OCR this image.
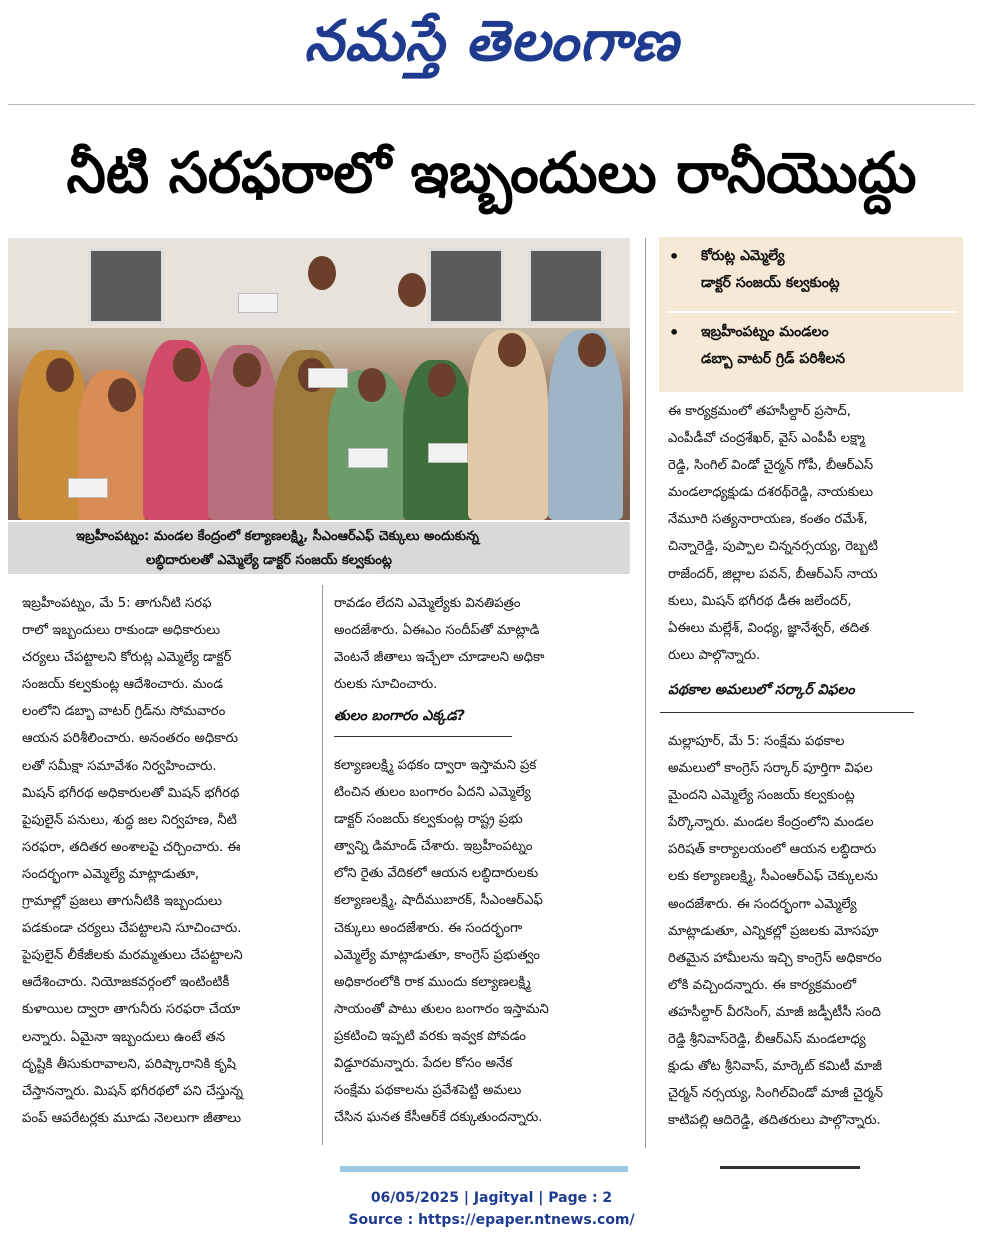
నమస్తే తెలంగాణ
నీటి సరఫరాలో ఇబ్బందులు రానీయొద్దు
ఇబ్రహీంపట్నం: మండల కేంద్రంలో కల్యాణలక్ష్మి, సీఎంఆర్ఎఫ్ చెక్కులు అందుకున్న
లబ్ధిదారులతో ఎమ్మెల్యే డాక్టర్ సంజయ్ కల్వకుంట్ల
• కోరుట్ల ఎమ్మెల్యే
డాక్టర్ సంజయ్ కల్వకుంట్ల
• ఇబ్రహీంపట్నం మండలం
డబ్బా వాటర్ గ్రిడ్ పరిశీలన

ఇబ్రహీంపట్నం, మే 5: తాగునీటి సరఫ

రాలో ఇబ్బందులు రాకుండా అధికారులు

చర్యలు చేపట్టాలని కోరుట్ల ఎమ్మెల్యే డాక్టర్

సంజయ్ కల్వకుంట్ల ఆదేశించారు. మండ

లంలోని డబ్బా వాటర్ గ్రిడ్‌ను సోమవారం

ఆయన పరిశీలించారు. అనంతరం అధికారు

లతో సమీక్షా సమావేశం నిర్వహించారు.

మిషన్ భగీరథ అధికారులతో మిషన్ భగీరథ

పైపులైన్ పనులు, శుద్ధ జల నిర్వహణ, నీటి

సరఫరా, తదితర అంశాలపై చర్చించారు. ఈ

సందర్భంగా ఎమ్మెల్యే మాట్లాడుతూ,

గ్రామాల్లో ప్రజలు తాగునీటికి ఇబ్బందులు

పడకుండా చర్యలు చేపట్టాలని సూచించారు.

పైపులైన్ లీకేజీలకు మరమ్మతులు చేపట్టాలని

ఆదేశించారు. నియోజకవర్గంలో ఇంటింటికీ

కుళాయిల ద్వారా తాగునీరు సరఫరా చేయా

లన్నారు. ఏమైనా ఇబ్బందులు ఉంటే తన

దృష్టికి తీసుకురావాలని, పరిష్కారానికి కృషి

చేస్తానన్నారు. మిషన్ భగీరథలో పని చేస్తున్న

పంప్ ఆపరేటర్లకు మూడు నెలలుగా జీతాలు

రావడం లేదని ఎమ్మెల్యేకు వినతిపత్రం

అందజేశారు. ఏఈఎం సందీప్‌తో మాట్లాడి

వెంటనే జీతాలు ఇచ్చేలా చూడాలని అధికా

రులకు సూచించారు.

తులం బంగారం ఎక్కడ?

కల్యాణలక్ష్మి పథకం ద్వారా ఇస్తామని ప్రక

టించిన తులం బంగారం ఏదని ఎమ్మెల్యే

డాక్టర్ సంజయ్ కల్వకుంట్ల రాష్ట్ర ప్రభు

త్వాన్ని డిమాండ్ చేశారు. ఇబ్రహీంపట్నం

లోని రైతు వేదికలో ఆయన లబ్ధిదారులకు

కల్యాణలక్ష్మి, షాదీముబారక్, సీఎంఆర్ఎఫ్

చెక్కులు అందజేశారు. ఈ సందర్భంగా

ఎమ్మెల్యే మాట్లాడుతూ, కాంగ్రెస్ ప్రభుత్వం

అధికారంలోకి రాక ముందు కల్యాణలక్ష్మి

సాయంతో పాటు తులం బంగారం ఇస్తామని

ప్రకటించి ఇప్పటి వరకు ఇవ్వక పోవడం

విడ్డూరమన్నారు. పేదల కోసం అనేక

సంక్షేమ పథకాలను ప్రవేశపెట్టి అమలు

చేసిన ఘనత కేసీఆర్‌కే దక్కుతుందన్నారు.

ఈ కార్యక్రమంలో తహసీల్దార్ ప్రసాద్,

ఎంపీడీవో చంద్రశేఖర్, వైస్ ఎంపీపీ లక్ష్మా

రెడ్డి, సింగిల్ విండో చైర్మన్ గోపీ, బీఆర్ఎస్

మండలాధ్యక్షుడు దశరథ్‌రెడ్డి, నాయకులు

నేమూరి సత్యనారాయణ, కంతం రమేశ్,

చిన్నారెడ్డి, పుప్పాల చిన్ననర్సయ్య, రెబ్బటి

రాజేందర్, జిల్లాల పవన్, బీఆర్ఎస్ నాయ

కులు, మిషన్ భగీరథ డీఈ జలేందర్,

ఏఈలు మల్లేశ్, వింధ్య, జ్ఞానేశ్వర్, తదిత

రులు పాల్గొన్నారు.

పథకాల అమలులో సర్కార్ విఫలం

మల్లాపూర్, మే 5: సంక్షేమ పథకాల

అమలులో కాంగ్రెస్ సర్కార్ పూర్తిగా విఫల

మైందని ఎమ్మెల్యే సంజయ్ కల్వకుంట్ల

పేర్కొన్నారు. మండల కేంద్రంలోని మండల

పరిషత్ కార్యాలయంలో ఆయన లబ్ధిదారు

లకు కల్యాణలక్ష్మి, సీఎంఆర్ఎఫ్ చెక్కులను

అందజేశారు. ఈ సందర్భంగా ఎమ్మెల్యే

మాట్లాడుతూ, ఎన్నికల్లో ప్రజలకు మోసపూ

రితమైన హామీలను ఇచ్చి కాంగ్రెస్ అధికారం

లోకి వచ్చిందన్నారు. ఈ కార్యక్రమంలో

తహసీల్దార్ వీరసింగ్, మాజీ జడ్పీటీసీ సంది

రెడ్డి శ్రీనివాస్‌రెడ్డి, బీఆర్ఎస్ మండలాధ్య

క్షుడు తోట శ్రీనివాస్, మార్కెట్ కమిటీ మాజీ

చైర్మన్ నర్సయ్య, సింగిల్‌విండో మాజీ చైర్మన్

కాటిపల్లి ఆదిరెడ్డి, తదితరులు పాల్గొన్నారు.

06/05/2025 | Jagityal | Page : 2
Source : https://epaper.ntnews.com/
